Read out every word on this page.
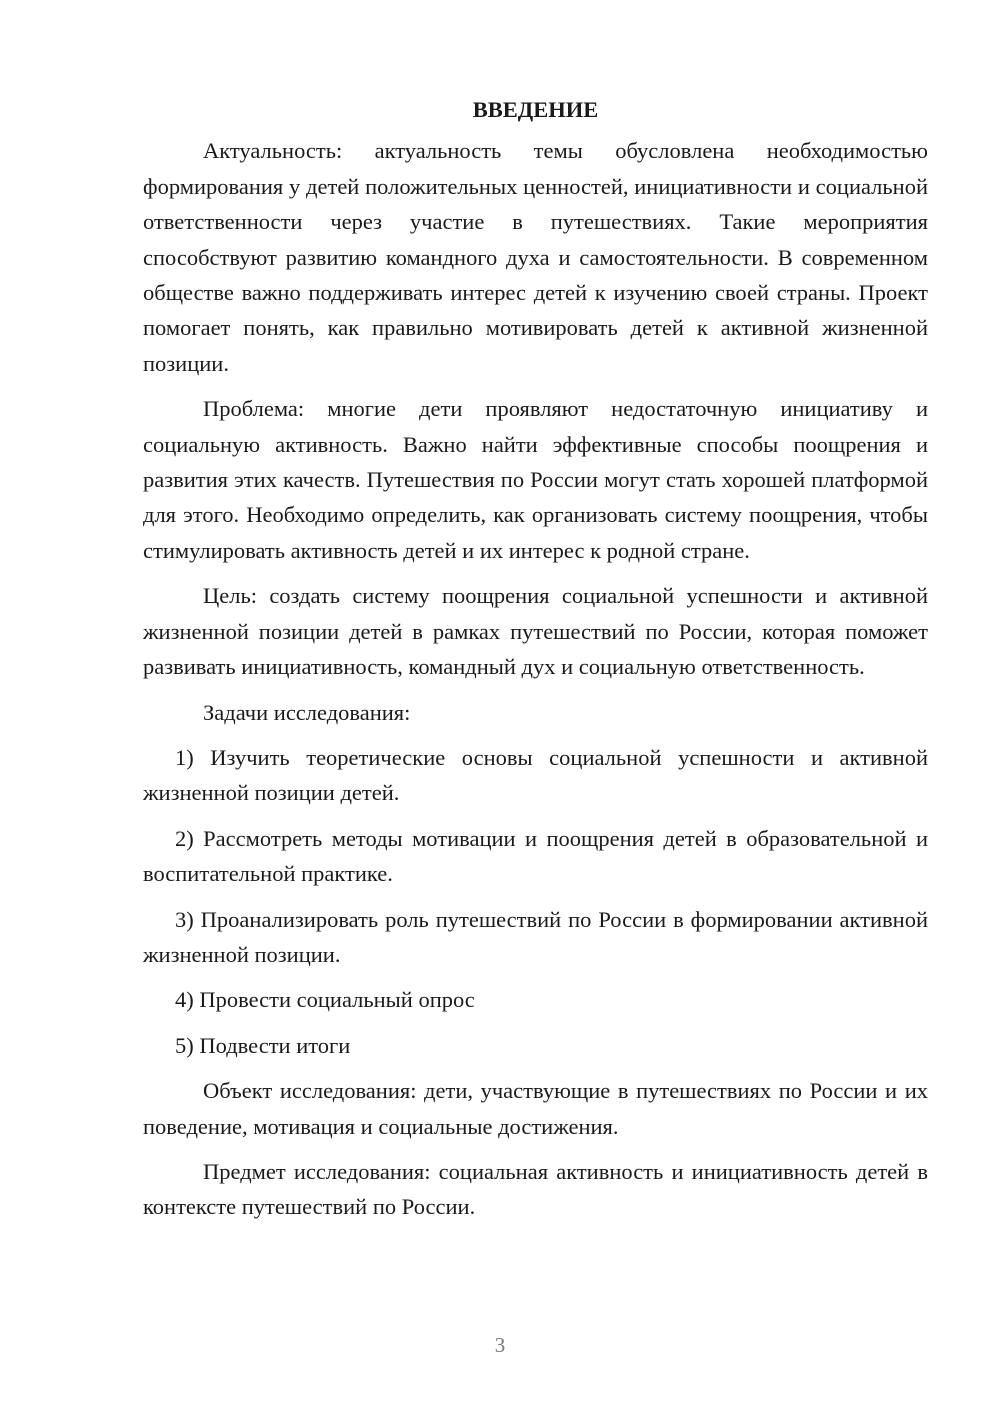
ВВЕДЕНИЕ

Актуальность: актуальность темы обусловлена необходимостью формирования у детей положительных ценностей, инициативности и социальной ответственности через участие в путешествиях. Такие мероприятия способствуют развитию командного духа и самостоятельности. В современном обществе важно поддерживать интерес детей к изучению своей страны. Проект помогает понять, как правильно мотивировать детей к активной жизненной позиции.

Проблема: многие дети проявляют недостаточную инициативу и социальную активность. Важно найти эффективные способы поощрения и развития этих качеств. Путешествия по России могут стать хорошей платформой для этого. Необходимо определить, как организовать систему поощрения, чтобы стимулировать активность детей и их интерес к родной стране.

Цель: создать систему поощрения социальной успешности и активной жизненной позиции детей в рамках путешествий по России, которая поможет развивать инициативность, командный дух и социальную ответственность.

Задачи исследования:

1) Изучить теоретические основы социальной успешности и активной жизненной позиции детей.

2) Рассмотреть методы мотивации и поощрения детей в образовательной и воспитательной практике.

3) Проанализировать роль путешествий по России в формировании активной жизненной позиции.

4) Провести социальный опрос

5) Подвести итоги

Объект исследования: дети, участвующие в путешествиях по России и их поведение, мотивация и социальные достижения.

Предмет исследования: социальная активность и инициативность детей в контексте путешествий по России.

3
